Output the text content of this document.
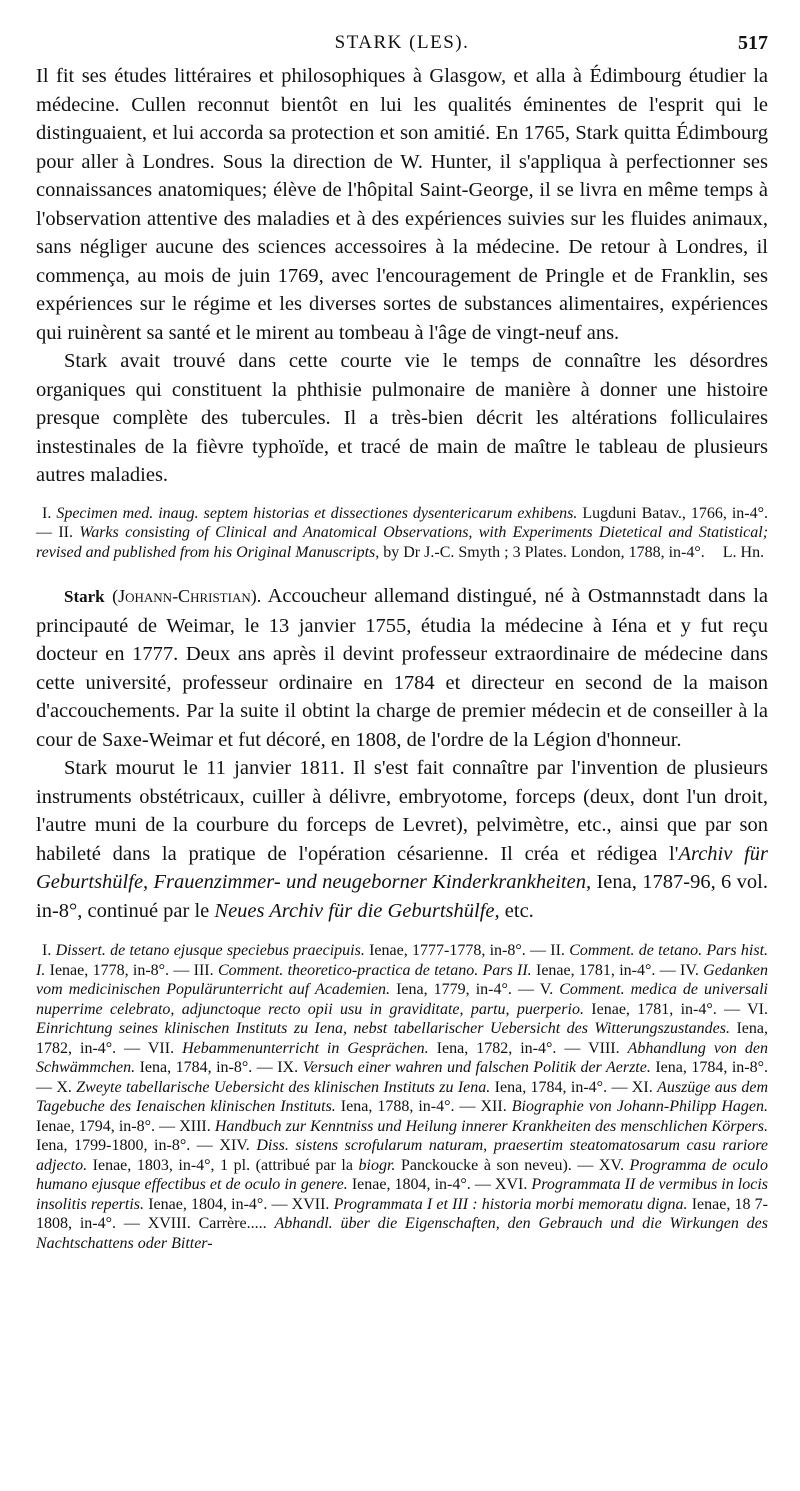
STARK (LES).	517

Il fit ses études littéraires et philosophiques à Glasgow, et alla à Édimbourg étudier la médecine. Cullen reconnut bientôt en lui les qualités éminentes de l'esprit qui le distinguaient, et lui accorda sa protection et son amitié. En 1765, Stark quitta Édimbourg pour aller à Londres. Sous la direction de W. Hunter, il s'appliqua à perfectionner ses connaissances anatomiques; élève de l'hôpital Saint-George, il se livra en même temps à l'observation attentive des maladies et à des expériences suivies sur les fluides animaux, sans négliger aucune des sciences accessoires à la médecine. De retour à Londres, il commença, au mois de juin 1769, avec l'encouragement de Pringle et de Franklin, ses expériences sur le régime et les diverses sortes de substances alimentaires, expériences qui ruinèrent sa santé et le mirent au tombeau à l'âge de vingt-neuf ans.

Stark avait trouvé dans cette courte vie le temps de connaître les désordres organiques qui constituent la phthisie pulmonaire de manière à donner une histoire presque complète des tubercules. Il a très-bien décrit les altérations folliculaires instestinales de la fièvre typhoïde, et tracé de main de maître le tableau de plusieurs autres maladies.

I. Specimen med. inaug. septem historias et dissectiones dysentericarum exhibens. Lugduni Batav., 1766, in-4°. — II. Warks consisting of Clinical and Anatomical Observations, with Experiments Dietetical and Statistical; revised and published from his Original Manuscripts, by Dr J.-C. Smyth ; 3 Plates. London, 1788, in-4°. L. Hn.

Stark (Johann-Christian). Accoucheur allemand distingué, né à Ostmannstadt dans la principauté de Weimar, le 13 janvier 1755, étudia la médecine à Iéna et y fut reçu docteur en 1777. Deux ans après il devint professeur extraordinaire de médecine dans cette université, professeur ordinaire en 1784 et directeur en second de la maison d'accouchements. Par la suite il obtint la charge de premier médecin et de conseiller à la cour de Saxe-Weimar et fut décoré, en 1808, de l'ordre de la Légion d'honneur.

Stark mourut le 11 janvier 1811. Il s'est fait connaître par l'invention de plusieurs instruments obstétricaux, cuiller à délivre, embryotome, forceps (deux, dont l'un droit, l'autre muni de la courbure du forceps de Levret), pelvimètre, etc., ainsi que par son habileté dans la pratique de l'opération césarienne. Il créa et rédigea l'Archiv für Geburtshülfe, Frauenzimmer- und neugeborner Kinderkrankheiten, Iena, 1787-96, 6 vol. in-8°, continué par le Neues Archiv für die Geburtshülfe, etc.

I. Dissert. de tetano ejusque speciebus praecipuis. Ienae, 1777-1778, in-8°. — II. Comment. de tetano. Pars hist. I. Ienae, 1778, in-8°. — III. Comment. theoretico-practica de tetano. Pars II. Ienae, 1781, in-4°. — IV. Gedanken vom medicinischen Populärunterricht auf Academien. Iena, 1779, in-4°. — V. Comment. medica de universali nuperrime celebrato, adjunctoque recto opii usu in graviditate, partu, puerperio. Ienae, 1781, in-4°. — VI. Einrichtung seines klinischen Instituts zu Iena, nebst tabellarischer Uebersicht des Witterungszustandes. Iena, 1782, in-4°. — VII. Hebammenunterricht in Gesprächen. Iena, 1782, in-4°. — VIII. Abhandlung von den Schwämmchen. Iena, 1784, in-8°. — IX. Versuch einer wahren und falschen Politik der Aerzte. Iena, 1784, in-8°. — X. Zweyte tabellarische Uebersicht des klinischen Instituts zu Iena. Iena, 1784, in-4°. — XI. Auszüge aus dem Tagebuche des Ienaischen klinischen Instituts. Iena, 1788, in-4°. — XII. Biographie von Johann-Philipp Hagen. Ienae, 1794, in-8°. — XIII. Handbuch zur Kenntniss und Heilung innerer Krankheiten des menschlichen Körpers. Iena, 1799-1800, in-8°. — XIV. Diss. sistens scrofularum naturam, praesertim steatomatosarum casu rariore adjecto. Ienae, 1803, in-4°, 1 pl. (attribué par la biogr. Panckoucke à son neveu). — XV. Programma de oculo humano ejusque effectibus et de oculo in genere. Ienae, 1804, in-4°. — XVI. Programmata II de vermibus in locis insolitis repertis. Ienae, 1804, in-4°. — XVII. Programmata I et III : historia morbi memoratu digna. Ienae, 18 7-1808, in-4°. — XVIII. Carrère..... Abhandl. über die Eigenschaften, den Gebrauch und die Wirkungen des Nachtschattens oder Bitter-
